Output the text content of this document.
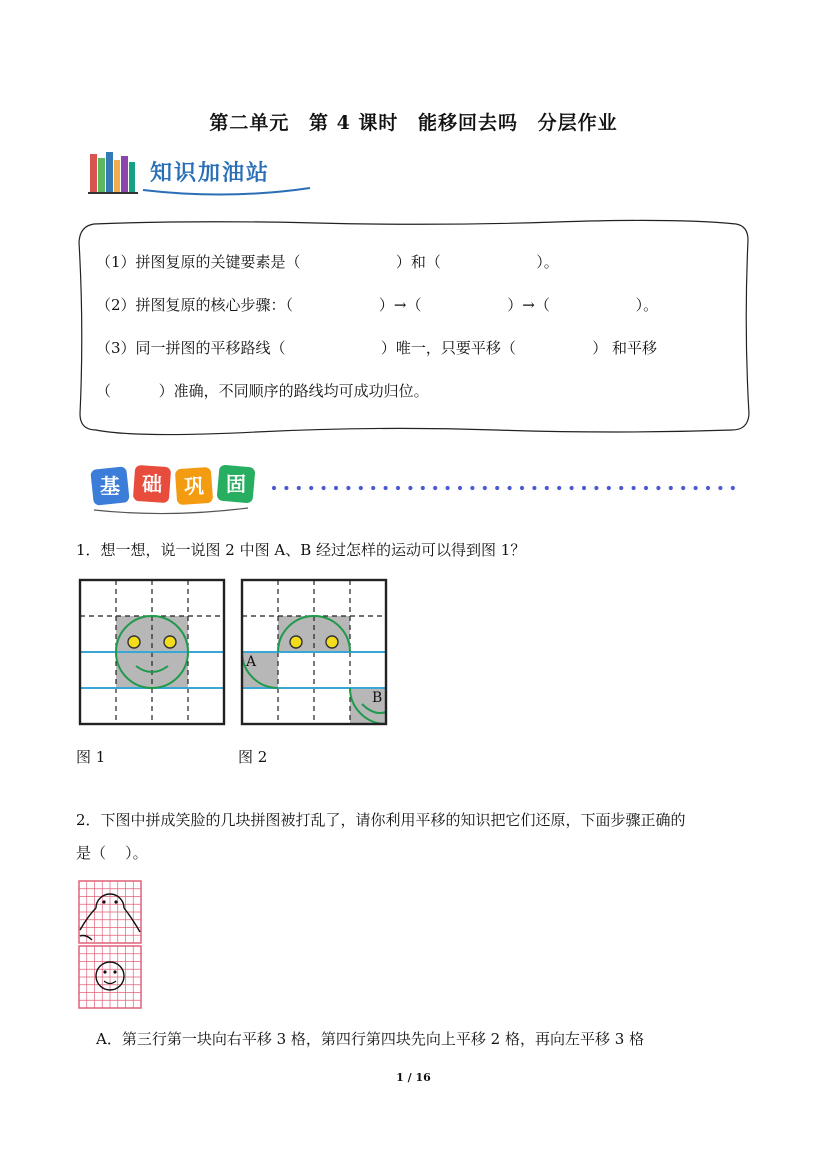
第二单元 第 4 课时 能移回去吗 分层作业
知识加油站
（1）拼图复原的关键要素是（                    ）和（                    ）。
（2）拼图复原的核心步骤：（                  ）→（                  ）→（                  ）。
（3）同一拼图的平移路线（                    ）唯一，只要平移（                ） 和平移
（          ）准确，不同顺序的路线均可成功归位。
基 础 巩 固
1．想一想，说一说图 2 中图 A、B 经过怎样的运动可以得到图 1？
图 1
A
B
图 2
2．下图中拼成笑脸的几块拼图被打乱了，请你利用平移的知识把它们还原，下面步骤正确的
是（    ）。
A．第三行第一块向右平移 3 格，第四行第四块先向上平移 2 格，再向左平移 3 格
1 / 16
